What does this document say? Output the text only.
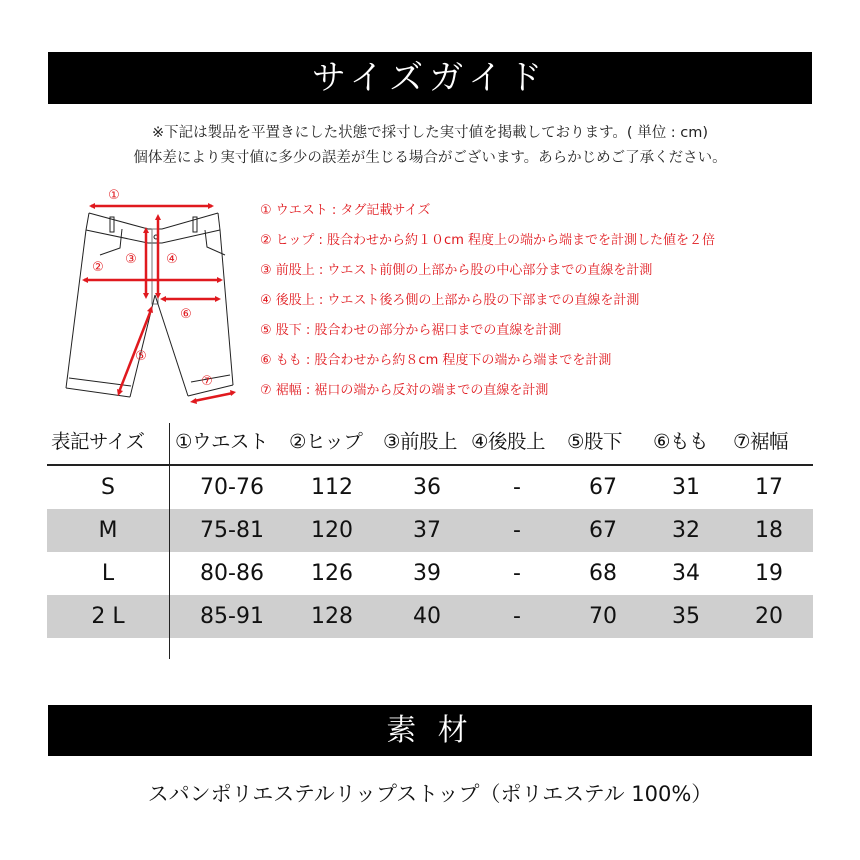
サイズガイド
※下記は製品を平置きにした状態で採寸した実寸値を掲載しております。( 単位 : cm)
個体差により実寸値に多少の誤差が生じる場合がございます。あらかじめご了承ください。
①
②
③ ④
⑥
⑤
⑦
① ウエスト : タグ記載サイズ
② ヒップ : 股合わせから約１０cm 程度上の端から端までを計測した値を２倍
③ 前股上 : ウエスト前側の上部から股の中心部分までの直線を計測
④ 後股上 : ウエスト後ろ側の上部から股の下部までの直線を計測
⑤ 股下 : 股合わせの部分から裾口までの直線を計測
⑥ もも : 股合わせから約８cm 程度下の端から端までを計測
⑦ 裾幅 : 裾口の端から反対の端までの直線を計測
表記サイズ ①ウエスト ②ヒップ ③前股上 ④後股上 ⑤股下 ⑥もも ⑦裾幅
S	70-76	112	36	-	67	31	17
M	75-81	120	37	-	67	32	18
L	80-86	126	39	-	68	34	19
2 L	85-91	128	40	-	70	35	20
素 材
スパンポリエステルリップストップ（ポリエステル 100%）
